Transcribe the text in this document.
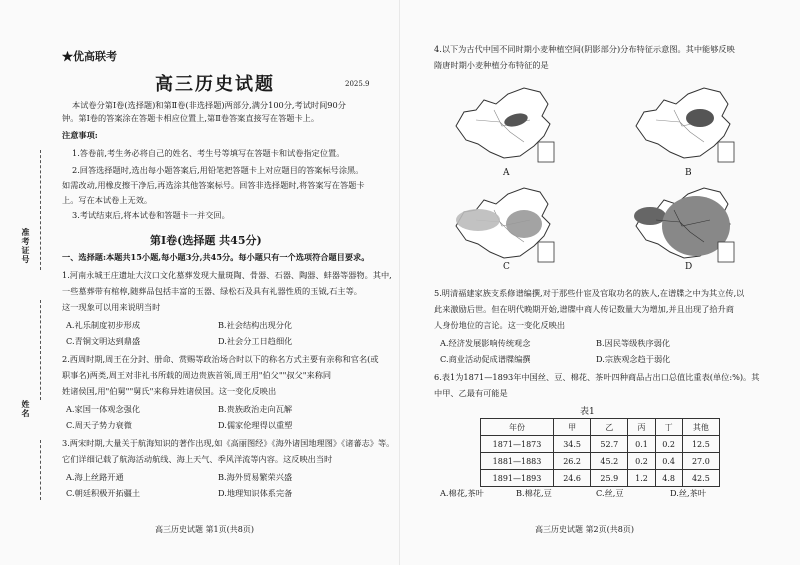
准考证号
姓名
★优高联考
高三历史试题	2025.9
本试卷分第Ⅰ卷(选择题)和第Ⅱ卷(非选择题)两部分,满分100分,考试时间90分
钟。第Ⅰ卷的答案涂在答题卡相应位置上,第Ⅱ卷答案直接写在答题卡上。
注意事项:
1.答卷前,考生务必将自己的姓名、考生号等填写在答题卡和试卷指定位置。
2.回答选择题时,选出每小题答案后,用铅笔把答题卡上对应题目的答案标号涂黑。
如需改动,用橡皮擦干净后,再选涂其他答案标号。回答非选择题时,将答案写在答题卡
上。写在本试卷上无效。
3.考试结束后,将本试卷和答题卡一并交回。
第Ⅰ卷(选择题 共45分)
一、选择题:本题共15小题,每小题3分,共45分。每小题只有一个选项符合题目要求。
1.河南永城王庄遗址大汶口文化墓葬发现大量斑陶、骨器、石器、陶器、蚌器等器物。其中,
一些墓葬带有棺椁,随葬品包括丰富的玉器、绿松石及具有礼器性质的玉钺,石主等。
这一现象可以用来说明当时
A.礼乐制度初步形成	B.社会结构出现分化
C.青铜文明达到鼎盛	D.社会分工日趋细化
2.西周时期,周王在分封、册命、赏赐等政治场合时以下的称名方式主要有亲称和官名(或
职事名)两类,周王对非礼书所载的周边贵族首领,周王用"伯父""叔父"来称同
姓诸侯国,用"伯舅""舅氏"来称异姓诸侯国。这一变化反映出
A.家国一体观念强化	B.贵族政治走向瓦解
C.周天子势力衰微	D.儒家伦理得以重塑
3.两宋时期,大量关于航海知识的著作出现,如《高丽图经》《海外诸国地理图》《诸蕃志》等。
它们详细记载了航海活动航线、海上天气、季风洋流等内容。这反映出当时
A.海上丝路开通	B.海外贸易繁荣兴盛
C.朝廷积极开拓疆土	D.地理知识体系完备
高三历史试题 第1页(共8页)
4.以下为古代中国不同时期小麦种植空间(阴影部分)分布特征示意图。其中能够反映
隋唐时期小麦种植分布特征的是
A	B
C	D
5.明清福建家族支系修谱编撰,对于那些什宦及官取功名的族人,在谱牒之中为其立传,以
此来激励后世。但在明代晚期开始,谱牒中商人传记数量大为增加,并且出现了拾升商
人身份地位的言论。这一变化反映出
A.经济发展影响传统观念	B.因民等级秩序弱化
C.商业活动促成谱牒编撰	D.宗族观念趋于弱化
6.表1为1871—1893年中国丝、豆、棉花、茶叶四种商品占出口总值比重表(单位:%)。其
中甲、乙最有可能是
表1
年份	甲	乙	丙	丁	其他
1871—1873	34.5	52.7	0.1	0.2	12.5
1881—1883	26.2	45.2	0.2	0.4	27.0
1891—1893	24.6	25.9	1.2	4.8	42.5
A.棉花,茶叶	B.棉花,豆	C.丝,豆	D.丝,茶叶
高三历史试题 第2页(共8页)
